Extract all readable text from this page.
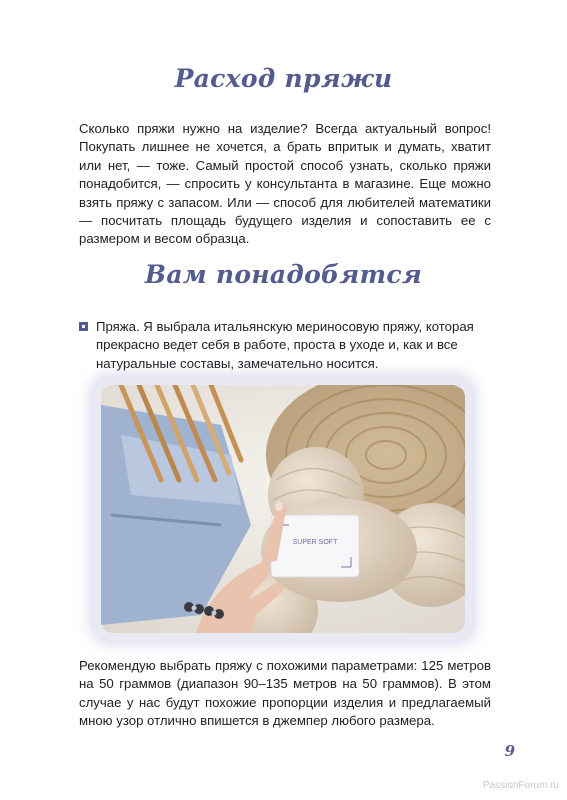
Расход пряжи
Сколько пряжи нужно на изделие? Всегда актуальный вопрос! Покупать лишнее не хочется, а брать впритык и думать, хватит или нет, — тоже. Самый простой способ узнать, сколько пряжи понадобится, — спросить у консультанта в магазине. Еще можно взять пряжу с запасом. Или — способ для любителей математики — посчитать площадь будущего изделия и сопоставить ее с размером и весом образца.
Вам понадобятся
Пряжа. Я выбрала итальянскую мериносовую пряжу, которая прекрасно ведет себя в работе, проста в уходе и, как и все натуральные составы, замечательно носится.
SUPER SOFT
Рекомендую выбрать пряжу с похожими параметрами: 125 метров на 50 граммов (диапазон 90–135 метров на 50 граммов). В этом случае у нас будут похожие пропорции изделия и предлагаемый мною узор отлично впишется в джемпер любого размера.
9
PassionForum.ru
